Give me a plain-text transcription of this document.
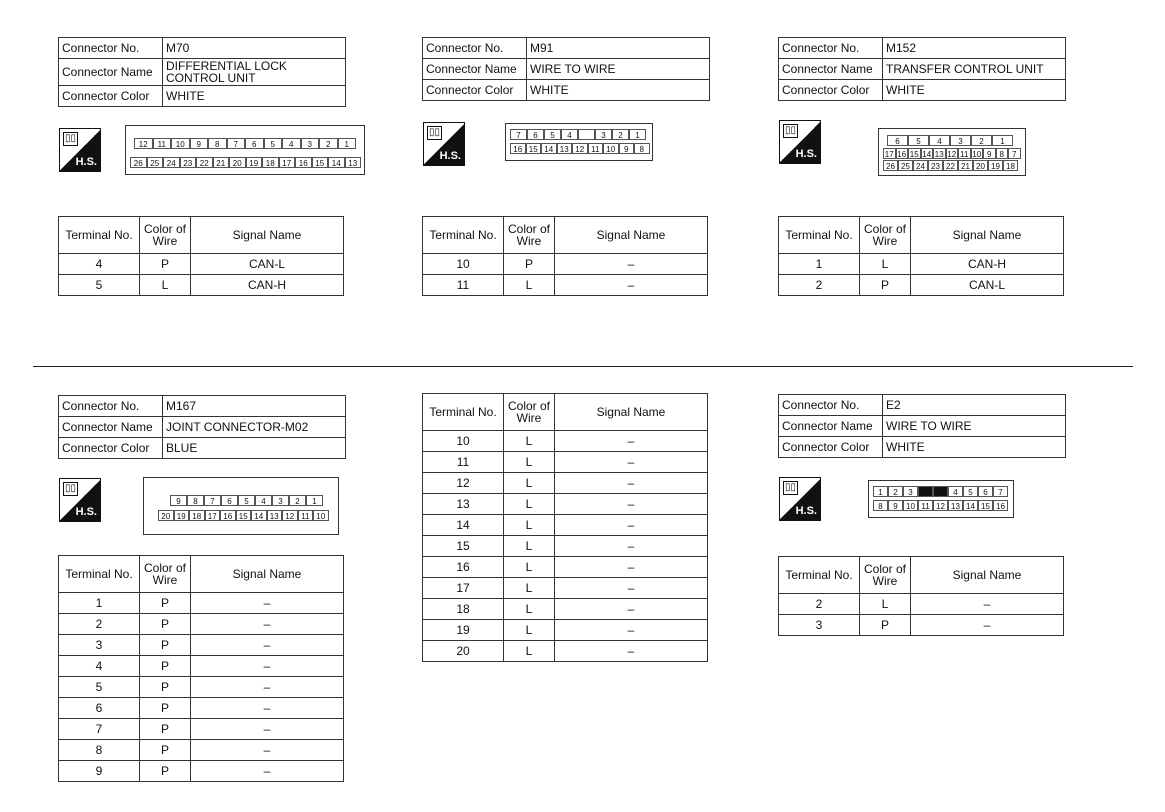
Connector No.	M70
Connector Name	DIFFERENTIAL LOCK CONTROL UNIT
Connector Color	WHITE
▯▯
H.S.
12	11	10	9	8	7	6	5	4	3	2	1
26 25 24 23 22 21 20 19 18 17 16 15 14 13
Terminal No.	Color of Wire	Signal Name
4	P	CAN-L
5	L	CAN-H
Connector No.	M91
Connector Name	WIRE TO WIRE
Connector Color	WHITE
▯▯
H.S.
7	6	5	4	3	2	1
16 15 14 13 12 11 10	9	8
Terminal No.	Color of Wire	Signal Name
10	P	–
11	L	–
Connector No.	M152
Connector Name	TRANSFER CONTROL UNIT
Connector Color	WHITE
▯▯
H.S.
6	5	4	3	2	1
17 16 15 14 13 12 11 10 9	8	7
26 25 24 23 22 21 20 19 18
Terminal No.	Color of Wire	Signal Name
1	L	CAN-H
2	P	CAN-L
Connector No.	M167
Connector Name	JOINT CONNECTOR-M02
Connector Color	BLUE
▯▯
H.S.
9	8	7	6	5	4	3	2	1
20 19 18 17 16 15 14 13 12 11 10
Terminal No.	Color of Wire	Signal Name
1	P	–
2	P	–
3	P	–
4	P	–
5	P	–
6	P	–
7	P	–
8	P	–
9	P	–
Terminal No.	Color of Wire	Signal Name
10	L	–
11	L	–
12	L	–
13	L	–
14	L	–
15	L	–
16	L	–
17	L	–
18	L	–
19	L	–
20	L	–
Connector No.	E2
Connector Name	WIRE TO WIRE
Connector Color	WHITE
▯▯
H.S.
1	2	3	4	5	6	7
8	9	10 11 12 13 14 15 16
Terminal No.	Color of Wire	Signal Name
2	L	–
3	P	–
